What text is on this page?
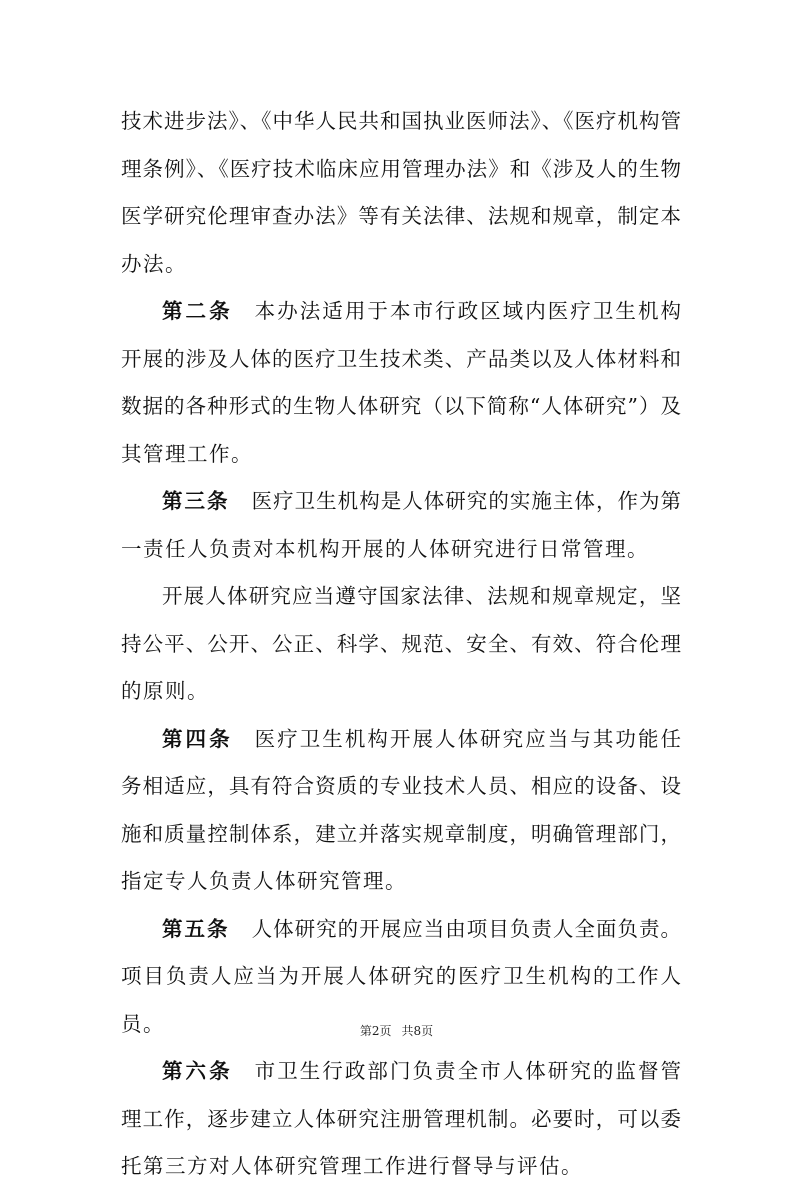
技术进步法》、《中华人民共和国执业医师法》、《医疗机构管
理条例》、《医疗技术临床应用管理办法》和《涉及人的生物
医学研究伦理审查办法》等有关法律、法规和规章，制定本
办法。
第二条 本办法适用于本市行政区域内医疗卫生机构
开展的涉及人体的医疗卫生技术类、产品类以及人体材料和
数据的各种形式的生物人体研究（以下简称“人体研究”）及
其管理工作。
第三条 医疗卫生机构是人体研究的实施主体，作为第
一责任人负责对本机构开展的人体研究进行日常管理。
开展人体研究应当遵守国家法律、法规和规章规定，坚
持公平、公开、公正、科学、规范、安全、有效、符合伦理
的原则。
第四条 医疗卫生机构开展人体研究应当与其功能任
务相适应，具有符合资质的专业技术人员、相应的设备、设
施和质量控制体系，建立并落实规章制度，明确管理部门，
指定专人负责人体研究管理。
第五条 人体研究的开展应当由项目负责人全面负责。
项目负责人应当为开展人体研究的医疗卫生机构的工作人
员。
第六条 市卫生行政部门负责全市人体研究的监督管
理工作，逐步建立人体研究注册管理机制。必要时，可以委
托第三方对人体研究管理工作进行督导与评估。
第2页 共8页
